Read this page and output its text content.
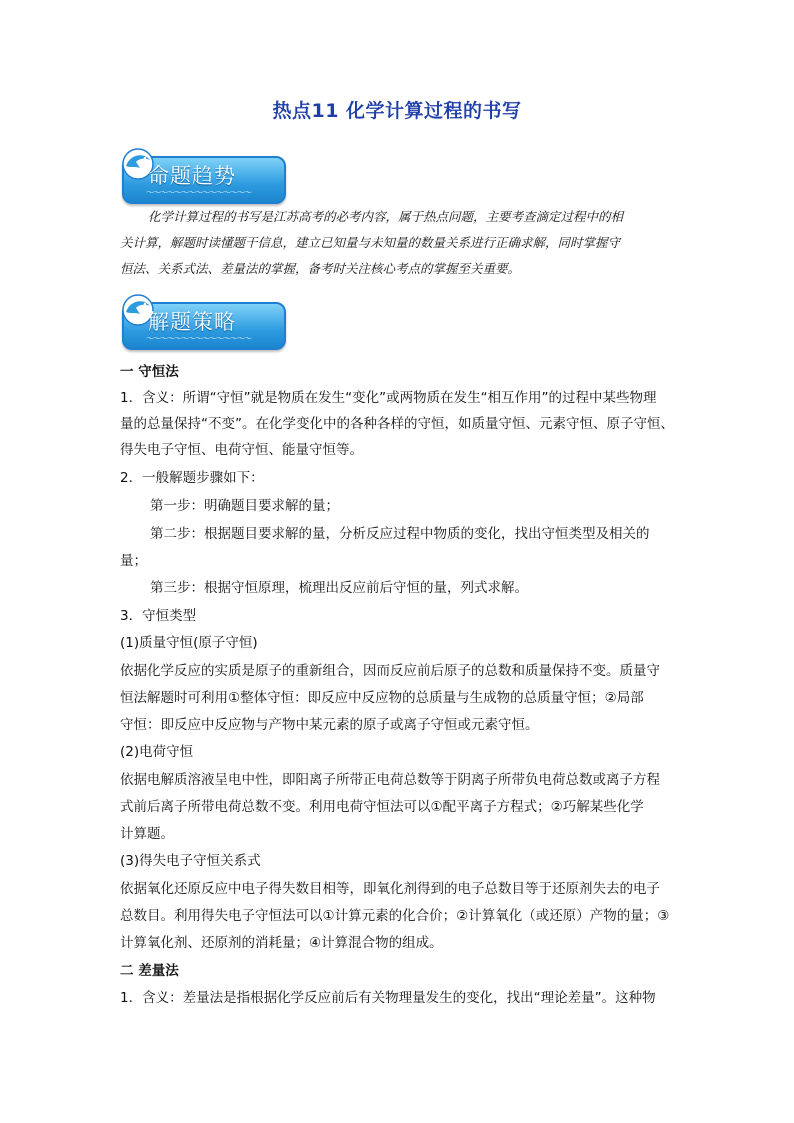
热点11 化学计算过程的书写
命题趋势
〜〜〜〜〜〜〜〜〜〜〜〜〜〜〜
化学计算过程的书写是江苏高考的必考内容，属于热点问题，主要考查滴定过程中的相
关计算，解题时读懂题干信息，建立已知量与未知量的数量关系进行正确求解，同时掌握守
恒法、关系式法、差量法的掌握，备考时关注核心考点的掌握至关重要。
解题策略
〜〜〜〜〜〜〜〜〜〜〜〜〜〜〜
一 守恒法
1．含义：所谓“守恒”就是物质在发生“变化”或两物质在发生“相互作用”的过程中某些物理
量的总量保持“不变”。在化学变化中的各种各样的守恒，如质量守恒、元素守恒、原子守恒、
得失电子守恒、电荷守恒、能量守恒等。
2．一般解题步骤如下：
第一步：明确题目要求解的量；
第二步：根据题目要求解的量，分析反应过程中物质的变化，找出守恒类型及相关的
量；
第三步：根据守恒原理，梳理出反应前后守恒的量，列式求解。
3．守恒类型
(1)质量守恒(原子守恒)
依据化学反应的实质是原子的重新组合，因而反应前后原子的总数和质量保持不变。质量守
恒法解题时可利用①整体守恒：即反应中反应物的总质量与生成物的总质量守恒；②局部
守恒：即反应中反应物与产物中某元素的原子或离子守恒或元素守恒。
(2)电荷守恒
依据电解质溶液呈电中性，即阳离子所带正电荷总数等于阴离子所带负电荷总数或离子方程
式前后离子所带电荷总数不变。利用电荷守恒法可以①配平离子方程式；②巧解某些化学
计算题。
(3)得失电子守恒关系式
依据氧化还原反应中电子得失数目相等，即氧化剂得到的电子总数目等于还原剂失去的电子
总数目。利用得失电子守恒法可以①计算元素的化合价；②计算氧化（或还原）产物的量；③
计算氧化剂、还原剂的消耗量；④计算混合物的组成。
二 差量法
1．含义：差量法是指根据化学反应前后有关物理量发生的变化，找出“理论差量”。这种物
